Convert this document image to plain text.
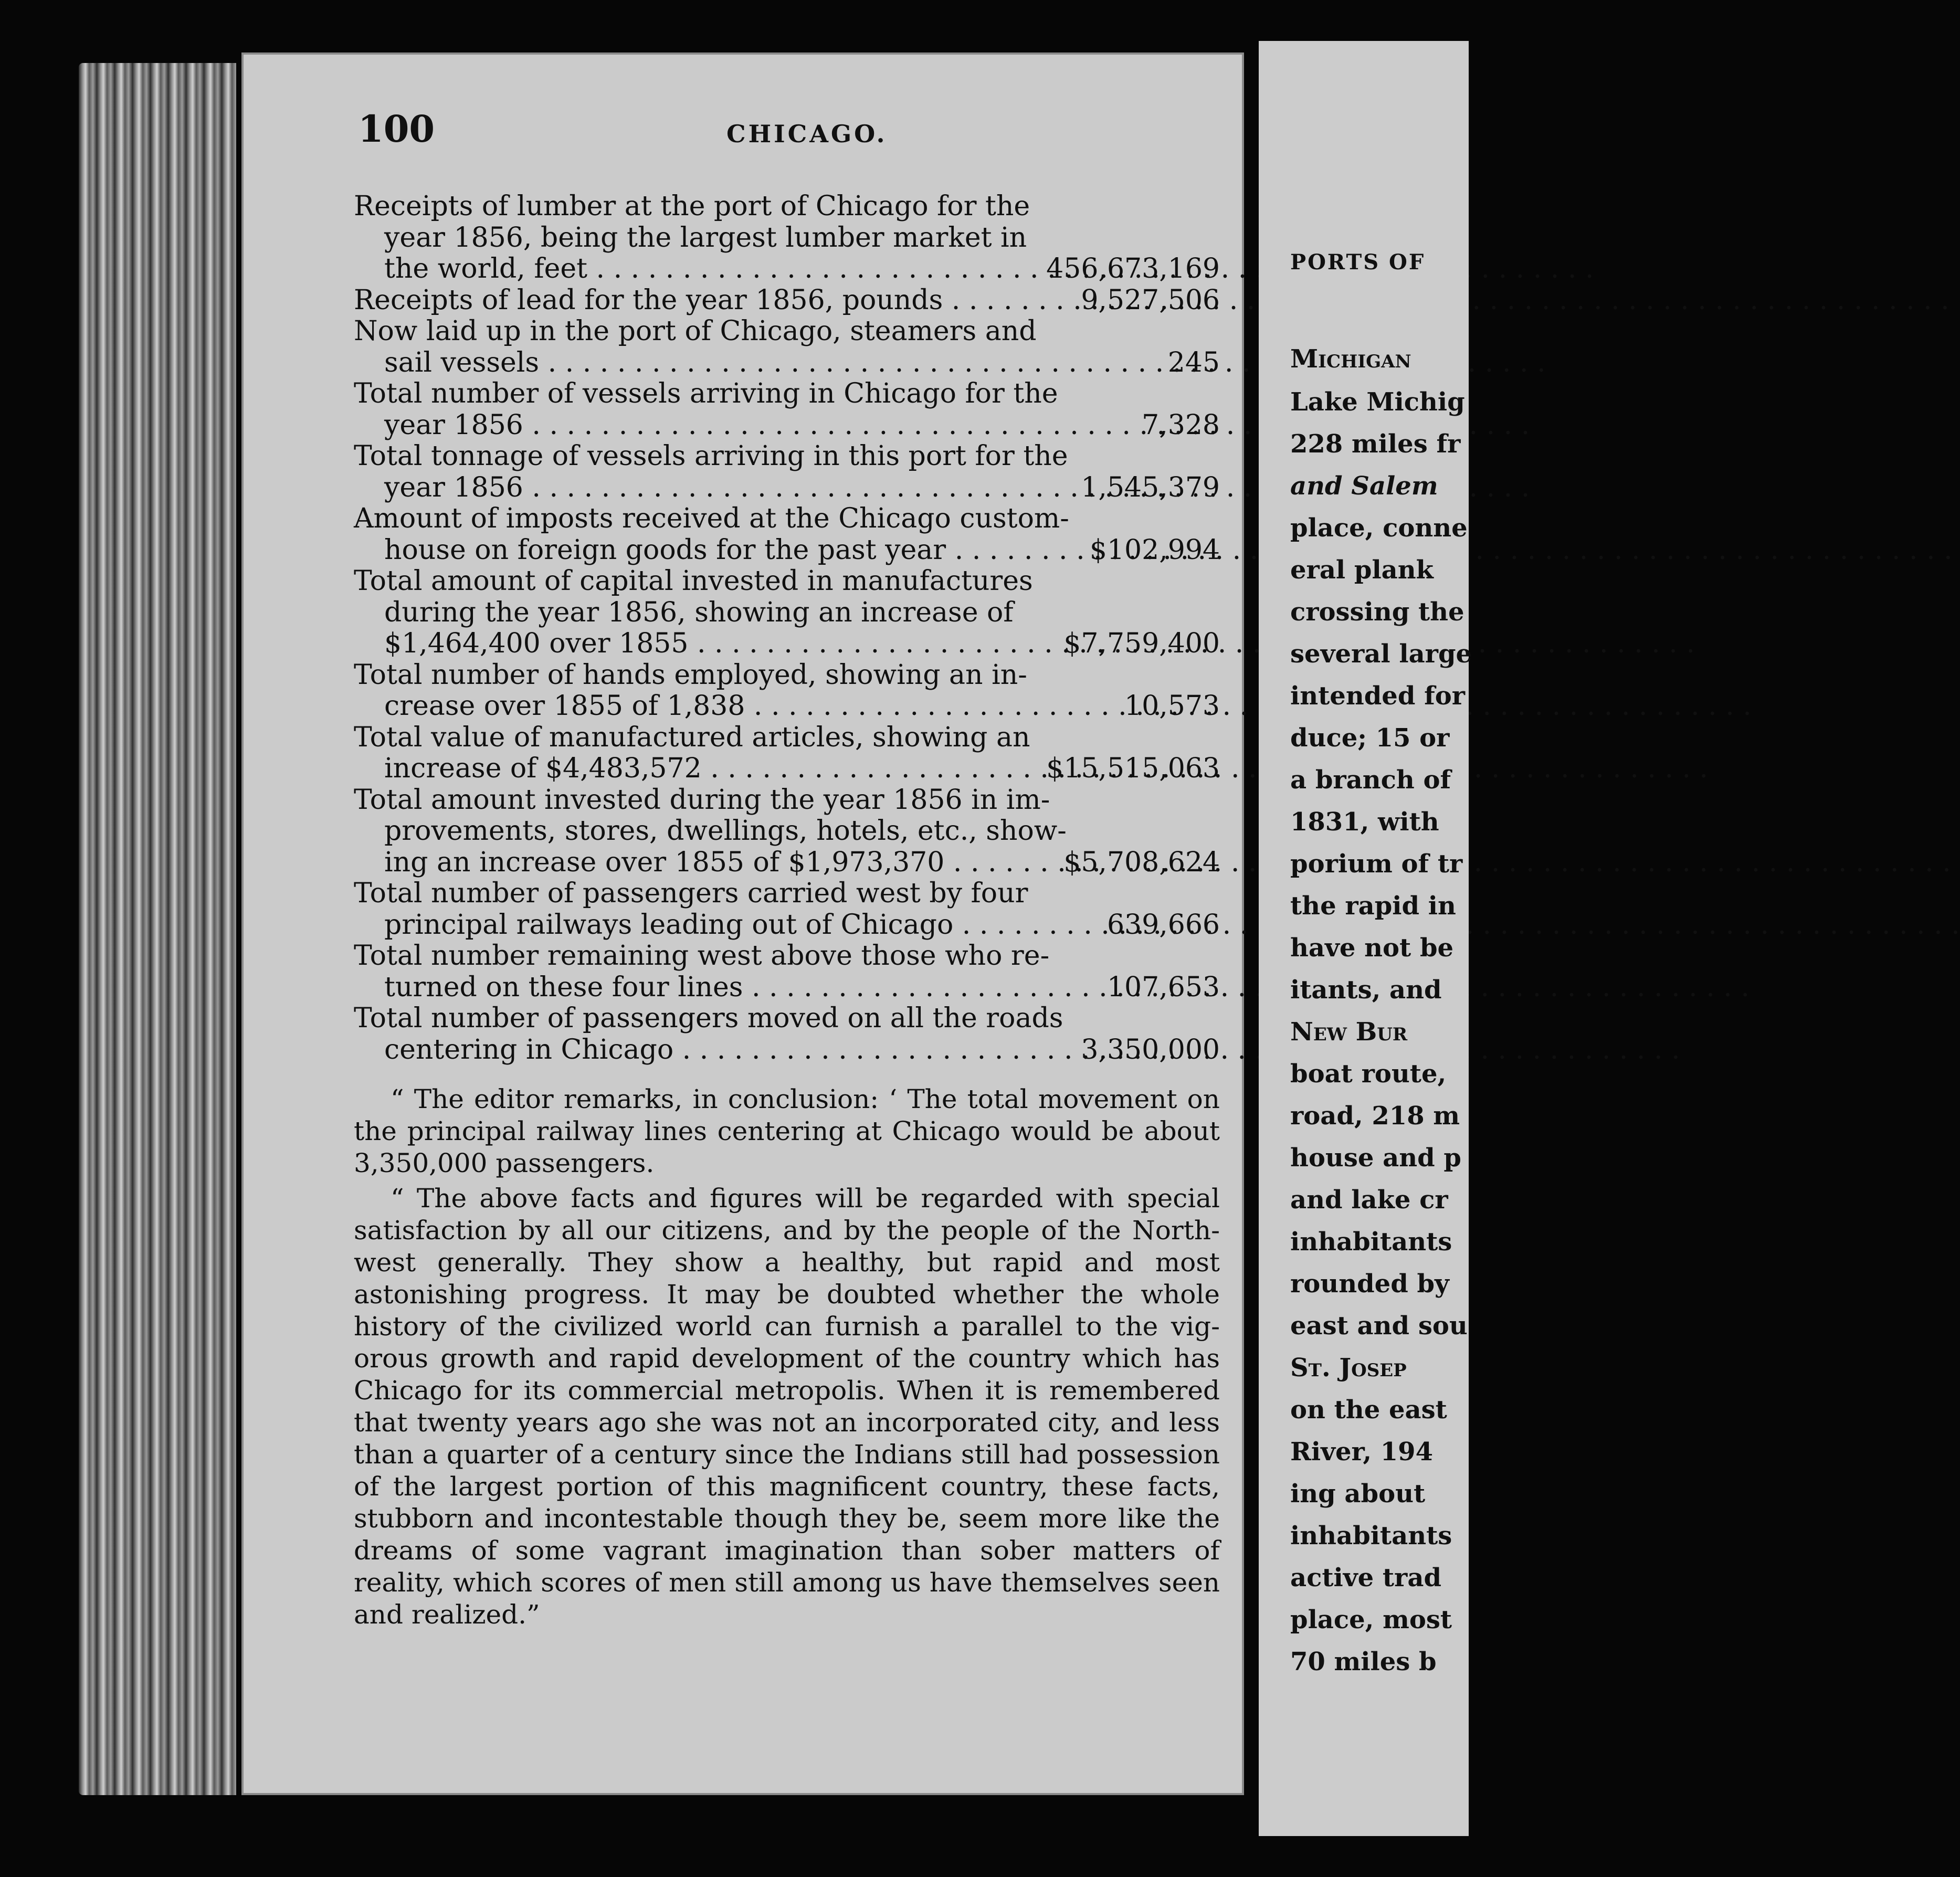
100	CHICAGO.
Receipts of lumber at the port of Chicago for the
year 1856, being the largest lumber market in
the world, feet . . .	456,673,169
Receipts of lead for the year 1856, pounds . . .	9,527,506
Now laid up in the port of Chicago, steamers and
sail vessels . . .	245
Total number of vessels arriving in Chicago for the
year 1856 . . .	7,328
Total tonnage of vessels arriving in this port for the
year 1856 . . .	1,545,379
Amount of imposts received at the Chicago custom-
house on foreign goods for the past year . . .	$102,994
Total amount of capital invested in manufactures
during the year 1856, showing an increase of
$1,464,400 over 1855 . . .	$7,759,400
Total number of hands employed, showing an in-
crease over 1855 of 1,838 . . .	10,573
Total value of manufactured articles, showing an
increase of $4,483,572 . . .	$15,515,063
Total amount invested during the year 1856 in im-
provements, stores, dwellings, hotels, etc., show-
ing an increase over 1855 of $1,973,370 . . .	$5,708,624
Total number of passengers carried west by four
principal railways leading out of Chicago . . .	639,666
Total number remaining west above those who re-
turned on these four lines . . .	107,653
Total number of passengers moved on all the roads
centering in Chicago . . .	3,350,000

“ The editor remarks, in conclusion: ‘ The total movement on the principal railway lines centering at Chicago would be about 3,350,000 passengers.

“ The above facts and figures will be regarded with special satisfaction by all our citizens, and by the people of the North-west generally. They show a healthy, but rapid and most astonishing progress. It may be doubted whether the whole history of the civilized world can furnish a parallel to the vig-orous growth and rapid development of the country which has Chicago for its commercial metropolis. When it is remembered that twenty years ago she was not an incorporated city, and less than a quarter of a century since the Indians still had possession of the largest portion of this magnificent country, these facts, stubborn and incontestable though they be, seem more like the dreams of some vagrant imagination than sober matters of reality, which scores of men still among us have themselves seen and realized.”

PORTS OF
Michigan
Lake Michig
228 miles fr
and Salem
place, conne
eral plank
crossing the
several large
intended for
duce; 15 or
a branch of
1831, with
porium of tr
the rapid in
have not be
itants, and
New Bur
boat route,
road, 218 m
house and p
and lake cr
inhabitants
rounded by
east and sou
St. Josep
on the east
River, 194
ing about
inhabitants
active trad
place, most
70 miles b
